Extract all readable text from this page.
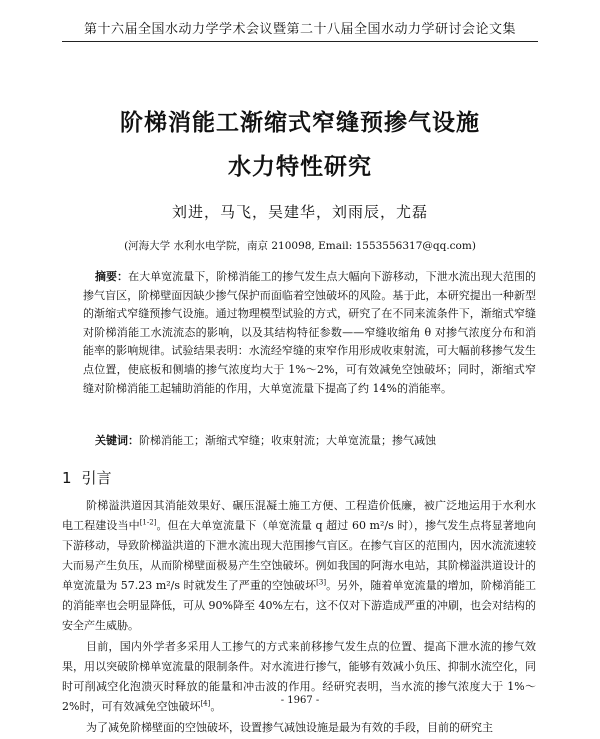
第十六届全国水动力学学术会议暨第二十八届全国水动力学研讨会论文集
阶梯消能工渐缩式窄缝预掺气设施
水力特性研究
刘进，马飞，吴建华，刘雨辰，尤磊
(河海大学 水利水电学院，南京 210098, Email: 1553556317@qq.com)
摘要：在大单宽流量下，阶梯消能工的掺气发生点大幅向下游移动，下泄水流出现大范围的掺气盲区，阶梯壁面因缺少掺气保护而面临着空蚀破坏的风险。基于此，本研究提出一种新型的渐缩式窄缝预掺气设施。通过物理模型试验的方式，研究了在不同来流条件下，渐缩式窄缝对阶梯消能工水流流态的影响，以及其结构特征参数——窄缝收缩角 θ 对掺气浓度分布和消能率的影响规律。试验结果表明：水流经窄缝的束窄作用形成收束射流，可大幅前移掺气发生点位置，使底板和侧墙的掺气浓度均大于 1%～2%，可有效减免空蚀破坏；同时，渐缩式窄缝对阶梯消能工起辅助消能的作用，大单宽流量下提高了约 14%的消能率。
关键词：阶梯消能工；渐缩式窄缝；收束射流；大单宽流量；掺气减蚀
1 引言

阶梯溢洪道因其消能效果好、碾压混凝土施工方便、工程造价低廉，被广泛地运用于水利水电工程建设当中[1-2]。但在大单宽流量下（单宽流量 q 超过 60 m²/s 时），掺气发生点将显著地向下游移动，导致阶梯溢洪道的下泄水流出现大范围掺气盲区。在掺气盲区的范围内，因水流流速较大而易产生负压，从而阶梯壁面极易产生空蚀破坏。例如我国的阿海水电站，其阶梯溢洪道设计的单宽流量为 57.23 m²/s 时就发生了严重的空蚀破坏[3]。另外，随着单宽流量的增加，阶梯消能工的消能率也会明显降低，可从 90%降至 40%左右，这不仅对下游造成严重的冲刷，也会对结构的安全产生威胁。

目前，国内外学者多采用人工掺气的方式来前移掺气发生点的位置、提高下泄水流的掺气效果，用以突破阶梯单宽流量的限制条件。对水流进行掺气，能够有效减小负压、抑制水流空化，同时可削减空化泡溃灭时释放的能量和冲击波的作用。经研究表明，当水流的掺气浓度大于 1%～2%时，可有效减免空蚀破坏[4]。

为了减免阶梯壁面的空蚀破坏，设置掺气减蚀设施是最为有效的手段，目前的研究主

- 1967 -
